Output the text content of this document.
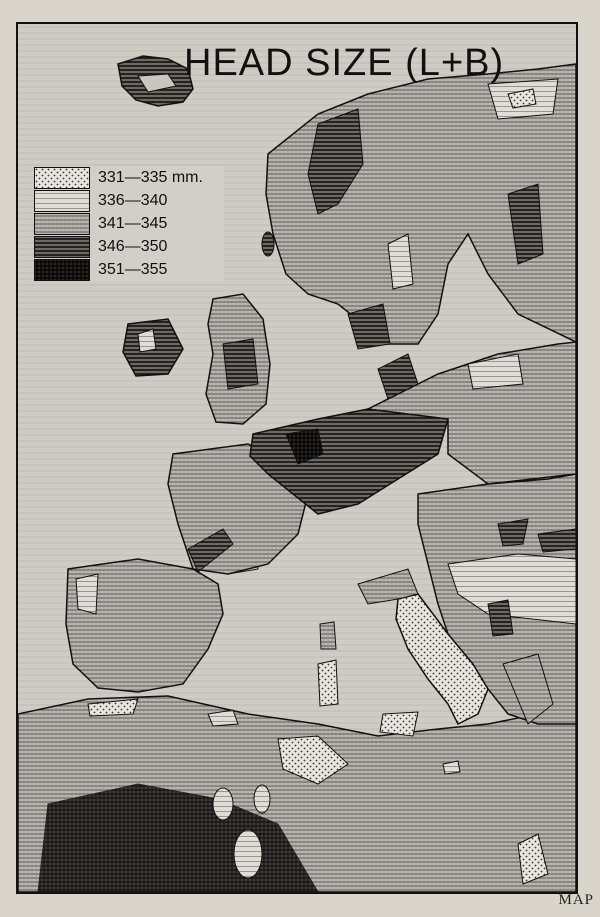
HEAD SIZE (L+B)
331—335 mm.
336—340
341—345
346—350
351—355
MAP
